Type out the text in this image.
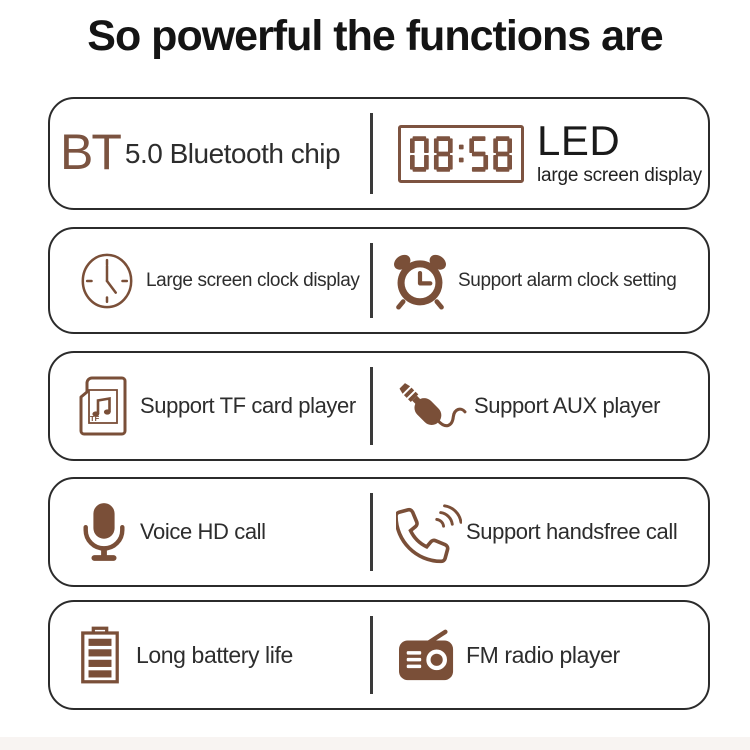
So powerful the functions are
BT 5.0 Bluetooth chip	LED
large screen display
Large screen clock display	Support alarm clock setting
TF
Support TF card player	Support AUX player
Voice HD call	Support handsfree call
Long battery life	FM radio player
